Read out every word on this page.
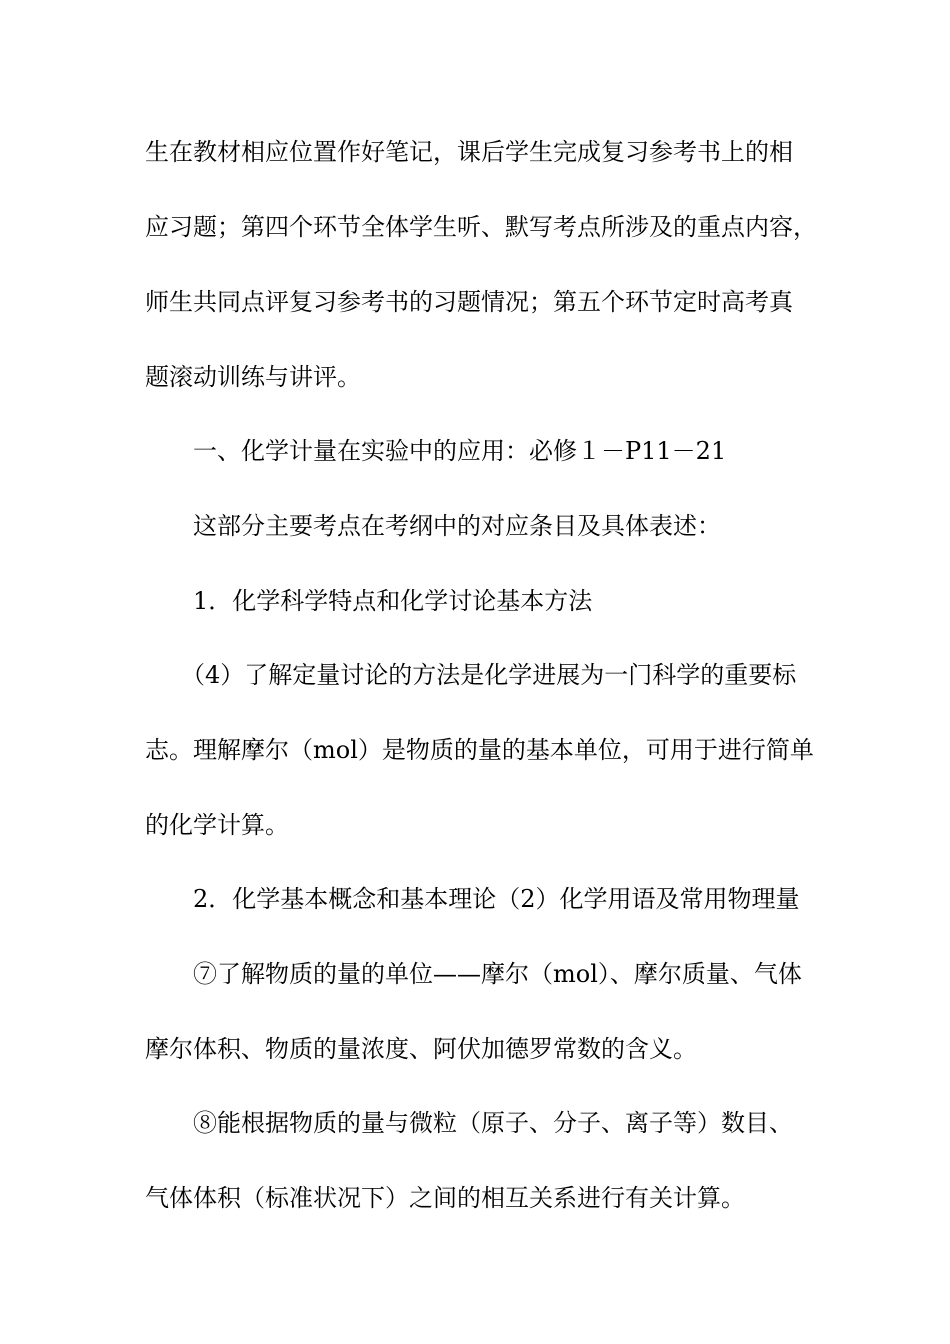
生在教材相应位置作好笔记，课后学生完成复习参考书上的相
应习题；第四个环节全体学生听、默写考点所涉及的重点内容，
师生共同点评复习参考书的习题情况；第五个环节定时高考真
题滚动训练与讲评。
一、化学计量在实验中的应用：必修１－P11－21
这部分主要考点在考纲中的对应条目及具体表述：
1．化学科学特点和化学讨论基本方法
（4）了解定量讨论的方法是化学进展为一门科学的重要标
志。理解摩尔（mol）是物质的量的基本单位，可用于进行简单
的化学计算。
2．化学基本概念和基本理论（2）化学用语及常用物理量
⑦了解物质的量的单位——摩尔（mol）、摩尔质量、气体
摩尔体积、物质的量浓度、阿伏加德罗常数的含义。
⑧能根据物质的量与微粒（原子、分子、离子等）数目、
气体体积（标准状况下）之间的相互关系进行有关计算。
